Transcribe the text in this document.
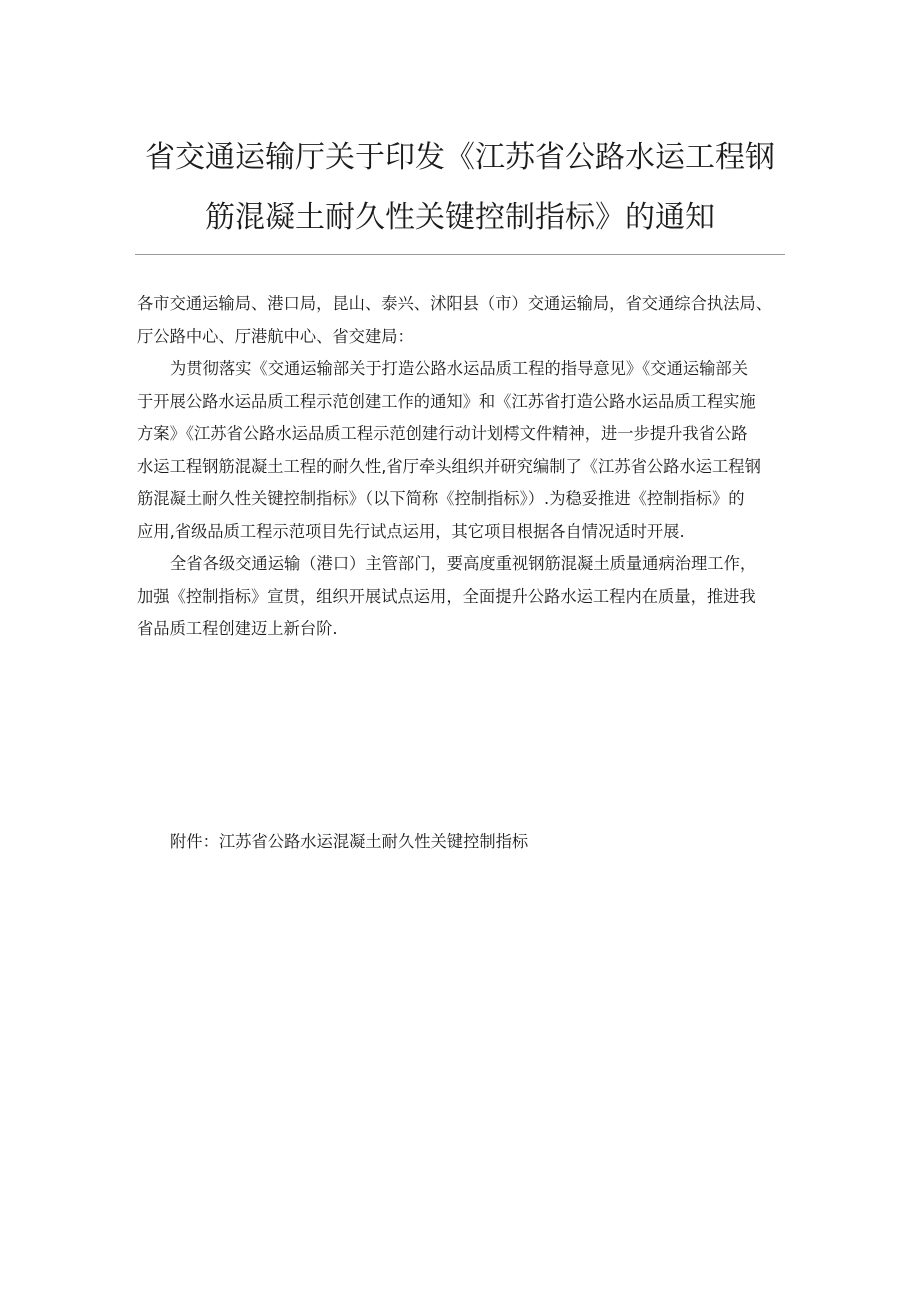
省交通运输厅关于印发《江苏省公路水运工程钢
筋混凝土耐久性关键控制指标》的通知
各市交通运输局、港口局，昆山、泰兴、沭阳县（市）交通运输局，省交通综合执法局、
厅公路中心、厅港航中心、省交建局：
为贯彻落实《交通运输部关于打造公路水运品质工程的指导意见》《交通运输部关
于开展公路水运品质工程示范创建工作的通知》和《江苏省打造公路水运品质工程实施
方案》《江苏省公路水运品质工程示范创建行动计划樗文件精神，进一步提升我省公路
水运工程钢筋混凝土工程的耐久性,省厅牵头组织并研究编制了《江苏省公路水运工程钢
筋混凝土耐久性关键控制指标》（以下简称《控制指标》）.为稳妥推进《控制指标》的
应用,省级品质工程示范项目先行试点运用，其它项目根据各自情况适时开展.
全省各级交通运输（港口）主管部门，要高度重视钢筋混凝土质量通病治理工作，
加强《控制指标》宣贯，组织开展试点运用，全面提升公路水运工程内在质量，推进我
省品质工程创建迈上新台阶.
附件：江苏省公路水运混凝土耐久性关键控制指标
